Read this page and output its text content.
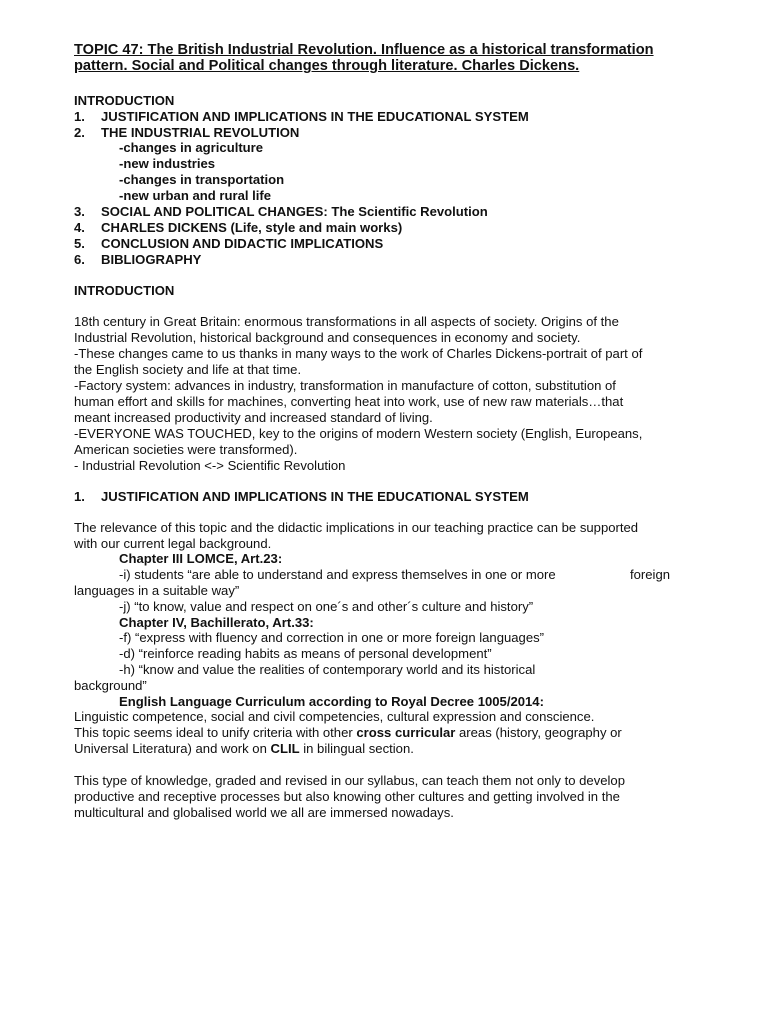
TOPIC 47: The British Industrial Revolution. Influence as a historical transformation
pattern. Social and Political changes through literature. Charles Dickens.
INTRODUCTION
1. JUSTIFICATION AND IMPLICATIONS IN THE EDUCATIONAL SYSTEM
2. THE INDUSTRIAL REVOLUTION
-changes in agriculture
-new industries
-changes in transportation
-new urban and rural life
3. SOCIAL AND POLITICAL CHANGES: The Scientific Revolution
4. CHARLES DICKENS (Life, style and main works)
5. CONCLUSION AND DIDACTIC IMPLICATIONS
6. BIBLIOGRAPHY
INTRODUCTION
18th century in Great Britain: enormous transformations in all aspects of society. Origins of the
Industrial Revolution, historical background and consequences in economy and society.
-These changes came to us thanks in many ways to the work of Charles Dickens-portrait of part of
the English society and life at that time.
-Factory system: advances in industry, transformation in manufacture of cotton, substitution of
human effort and skills for machines, converting heat into work, use of new raw materials…that
meant increased productivity and increased standard of living.
-EVERYONE WAS TOUCHED, key to the origins of modern Western society (English, Europeans,
American societies were transformed).
- Industrial Revolution <-> Scientific Revolution
1. JUSTIFICATION AND IMPLICATIONS IN THE EDUCATIONAL SYSTEM
The relevance of this topic and the didactic implications in our teaching practice can be supported
with our current legal background.
Chapter III LOMCE, Art.23:
-i) students “are able to understand and express themselves in one or more	foreign
languages in a suitable way”
-j) “to know, value and respect on one´s and other´s culture and history”
Chapter IV, Bachillerato, Art.33:
-f) “express with fluency and correction in one or more foreign languages”
-d) “reinforce reading habits as means of personal development”
-h) “know and value the realities of contemporary world and its historical
background”
English Language Curriculum according to Royal Decree 1005/2014:
Linguistic competence, social and civil competencies, cultural expression and conscience.
This topic seems ideal to unify criteria with other cross curricular areas (history, geography or
Universal Literatura) and work on CLIL in bilingual section.
This type of knowledge, graded and revised in our syllabus, can teach them not only to develop
productive and receptive processes but also knowing other cultures and getting involved in the
multicultural and globalised world we all are immersed nowadays.
